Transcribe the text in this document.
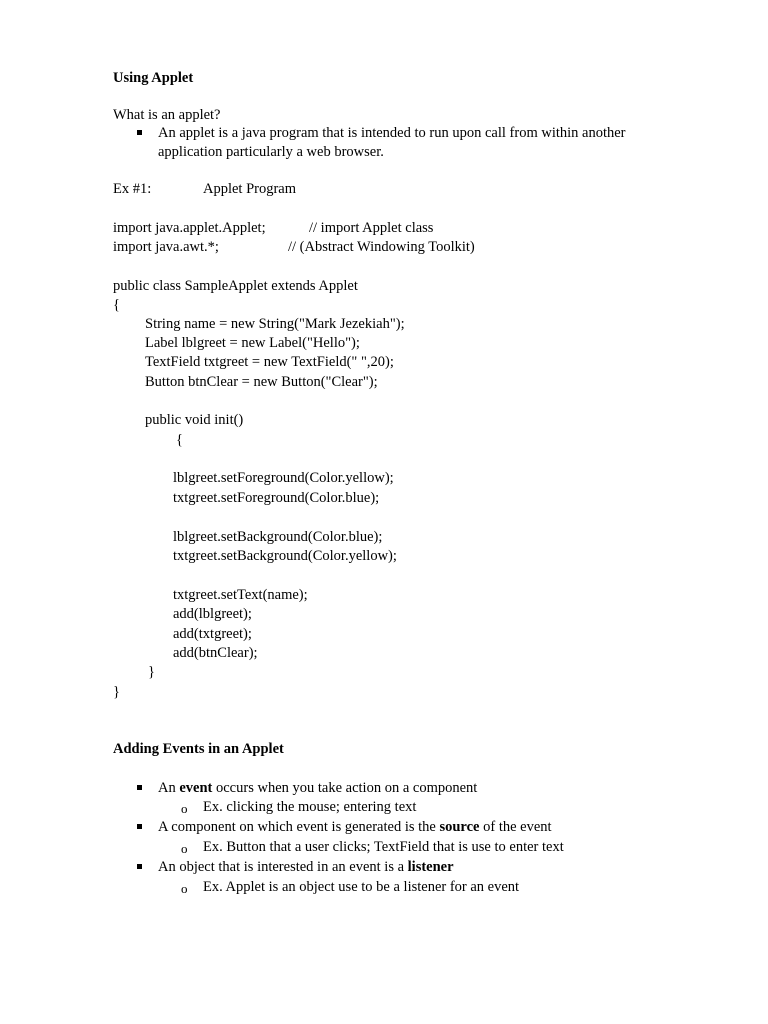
Using Applet
What is an applet?
An applet is a java program that is intended to run upon call from within another
application particularly a web browser.
Ex #1:	Applet Program
import java.applet.Applet;	// import Applet class
import java.awt.*;	// (Abstract Windowing Toolkit)
public class SampleApplet extends Applet
{
String name = new String("Mark Jezekiah");
Label lblgreet = new Label("Hello");
TextField txtgreet = new TextField(" ",20);
Button btnClear = new Button("Clear");
public void init()
{
lblgreet.setForeground(Color.yellow);
txtgreet.setForeground(Color.blue);
lblgreet.setBackground(Color.blue);
txtgreet.setBackground(Color.yellow);
txtgreet.setText(name);
add(lblgreet);
add(txtgreet);
add(btnClear);
}
}
Adding Events in an Applet
An event occurs when you take action on a component
o Ex. clicking the mouse; entering text
A component on which event is generated is the source of the event
o Ex. Button that a user clicks; TextField that is use to enter text
An object that is interested in an event is a listener
o Ex. Applet is an object use to be a listener for an event
